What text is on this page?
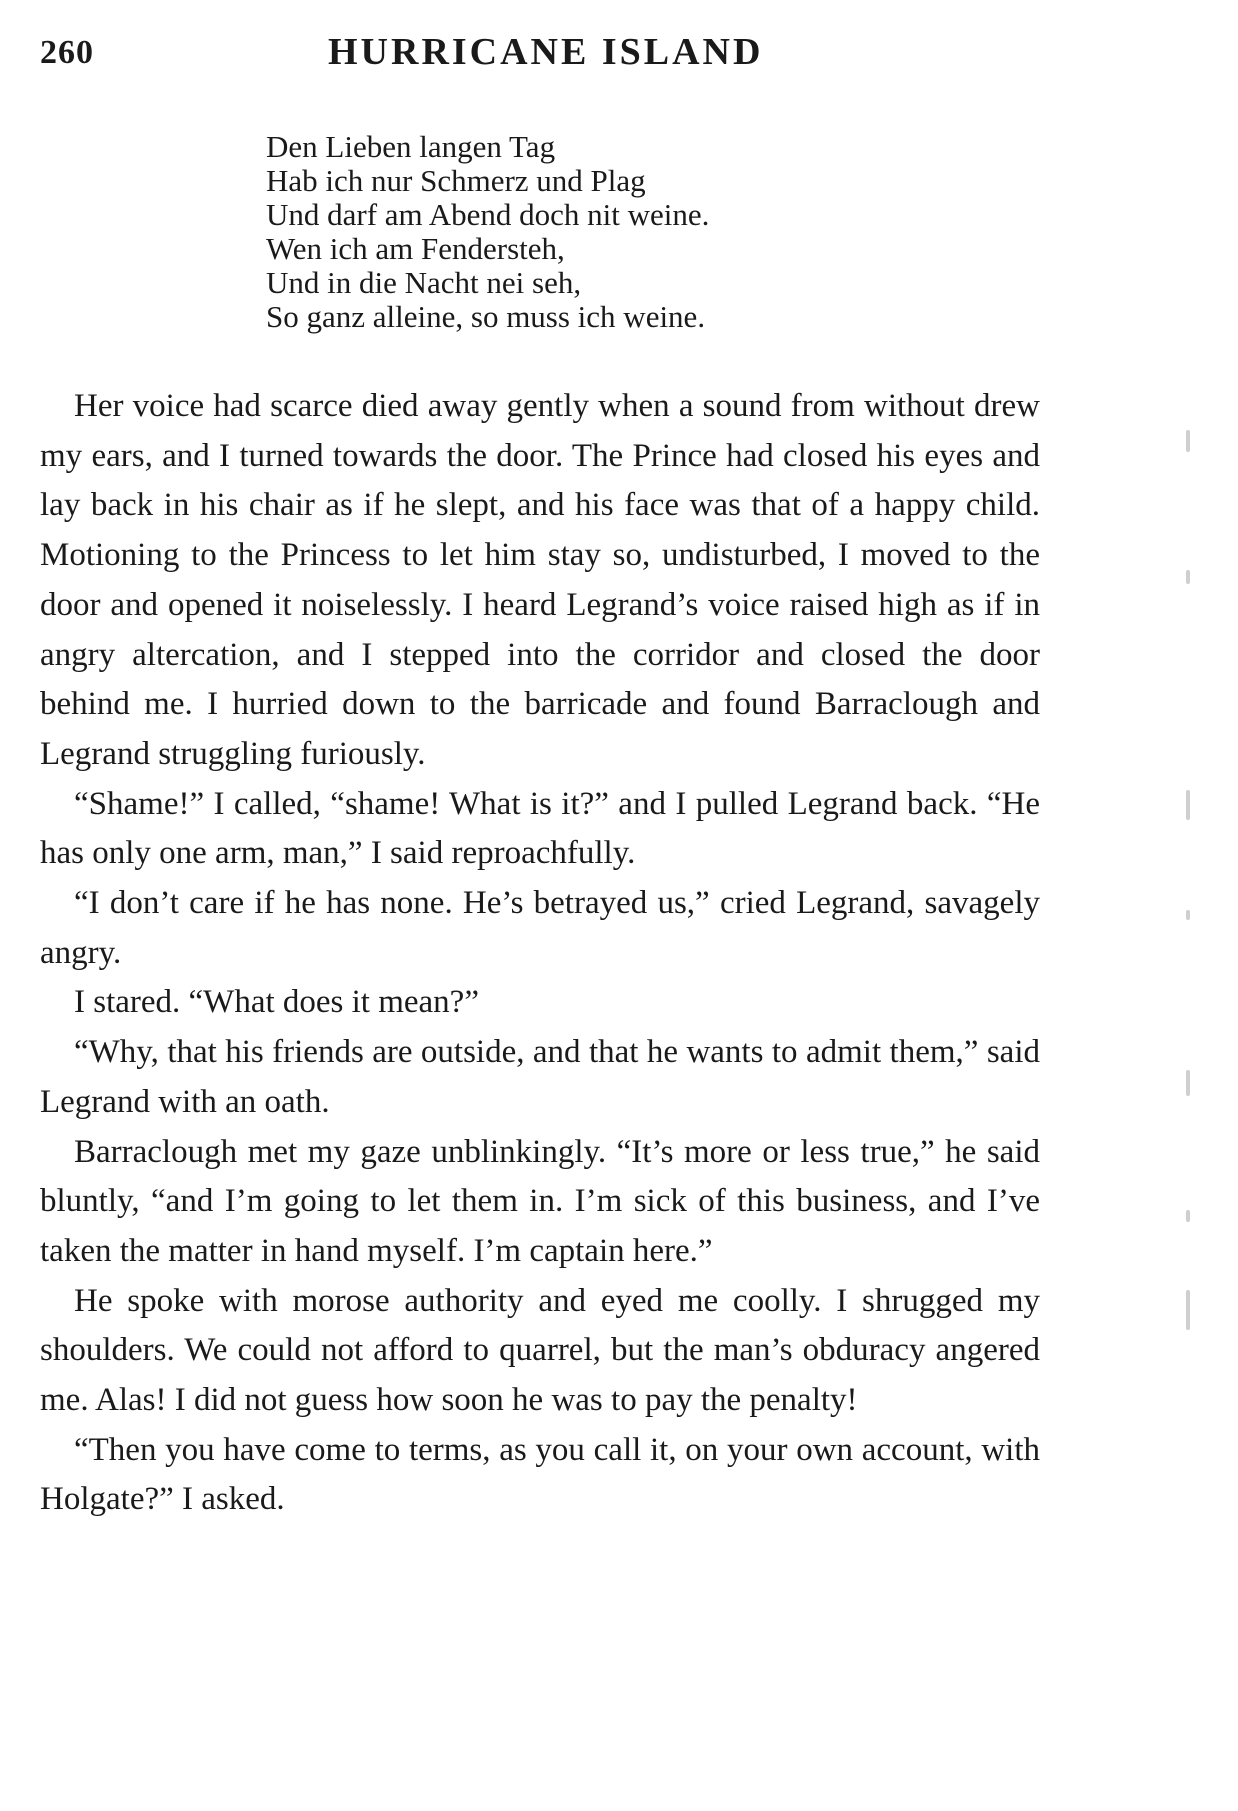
260	HURRICANE ISLAND
Den Lieben langen Tag
Hab ich nur Schmerz und Plag
Und darf am Abend doch nit weine.
Wen ich am Fendersteh,
Und in die Nacht nei seh,
So ganz alleine, so muss ich weine.

Her voice had scarce died away gently when a sound from without drew my ears, and I turned towards the door. The Prince had closed his eyes and lay back in his chair as if he slept, and his face was that of a happy child. Motioning to the Princess to let him stay so, undisturbed, I moved to the door and opened it noiselessly. I heard Legrand’s voice raised high as if in angry altercation, and I stepped into the corridor and closed the door behind me. I hurried down to the barricade and found Barraclough and Legrand struggling furiously.

“Shame!” I called, “shame! What is it?” and I pulled Legrand back. “He has only one arm, man,” I said reproachfully.

“I don’t care if he has none. He’s betrayed us,” cried Legrand, savagely angry.

I stared. “What does it mean?”

“Why, that his friends are outside, and that he wants to admit them,” said Legrand with an oath.

Barraclough met my gaze unblinkingly. “It’s more or less true,” he said bluntly, “and I’m going to let them in. I’m sick of this business, and I’ve taken the matter in hand myself. I’m captain here.”

He spoke with morose authority and eyed me coolly. I shrugged my shoulders. We could not afford to quarrel, but the man’s obduracy angered me. Alas! I did not guess how soon he was to pay the penalty!

“Then you have come to terms, as you call it, on your own account, with Holgate?” I asked.
